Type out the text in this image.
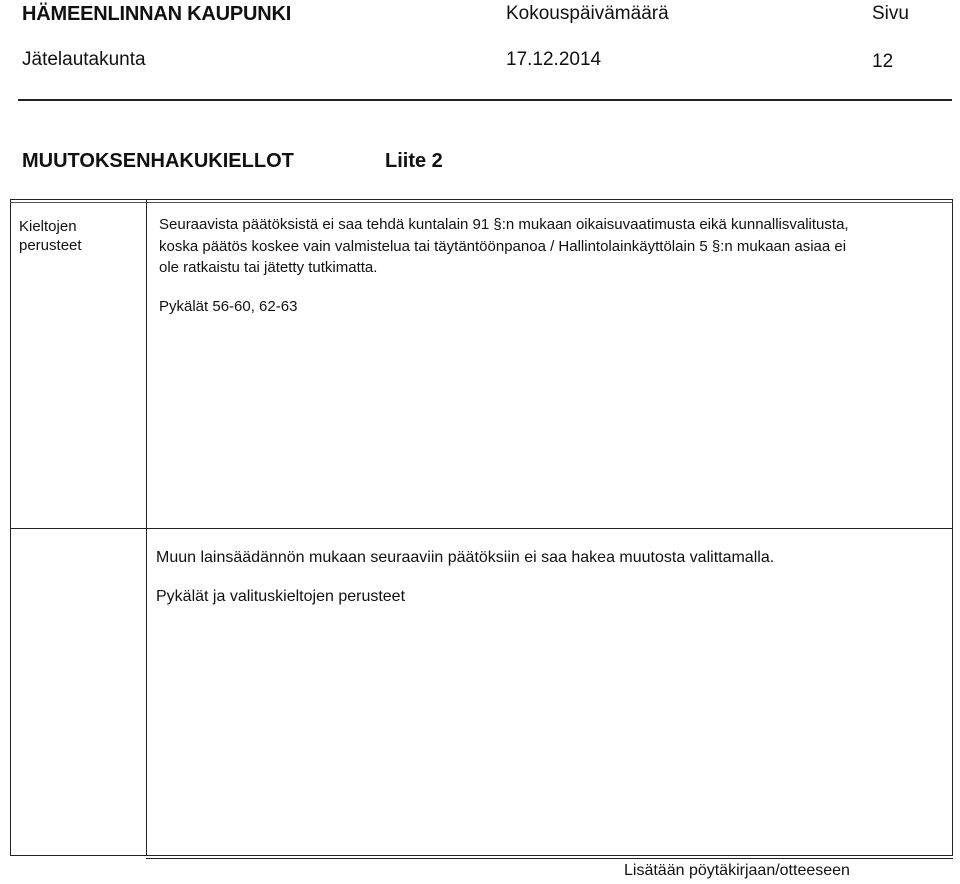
HÄMEENLINNAN KAUPUNKI
Jätelautakunta
Kokouspäivämäärä
17.12.2014
Sivu
12
MUUTOKSENHAKUKIELLOT	Liite 2
Kieltojen
perusteet
Seuraavista päätöksistä ei saa tehdä kuntalain 91 §:n mukaan oikaisuvaatimusta eikä kunnallisvalitusta,
koska päätös koskee vain valmistelua tai täytäntöönpanoa / Hallintolainkäyttölain 5 §:n mukaan asiaa ei
ole ratkaistu tai jätetty tutkimatta.
Pykälät 56-60, 62-63
Muun lainsäädännön mukaan seuraaviin päätöksiin ei saa hakea muutosta valittamalla.
Pykälät ja valituskieltojen perusteet
Lisätään pöytäkirjaan/otteeseen
